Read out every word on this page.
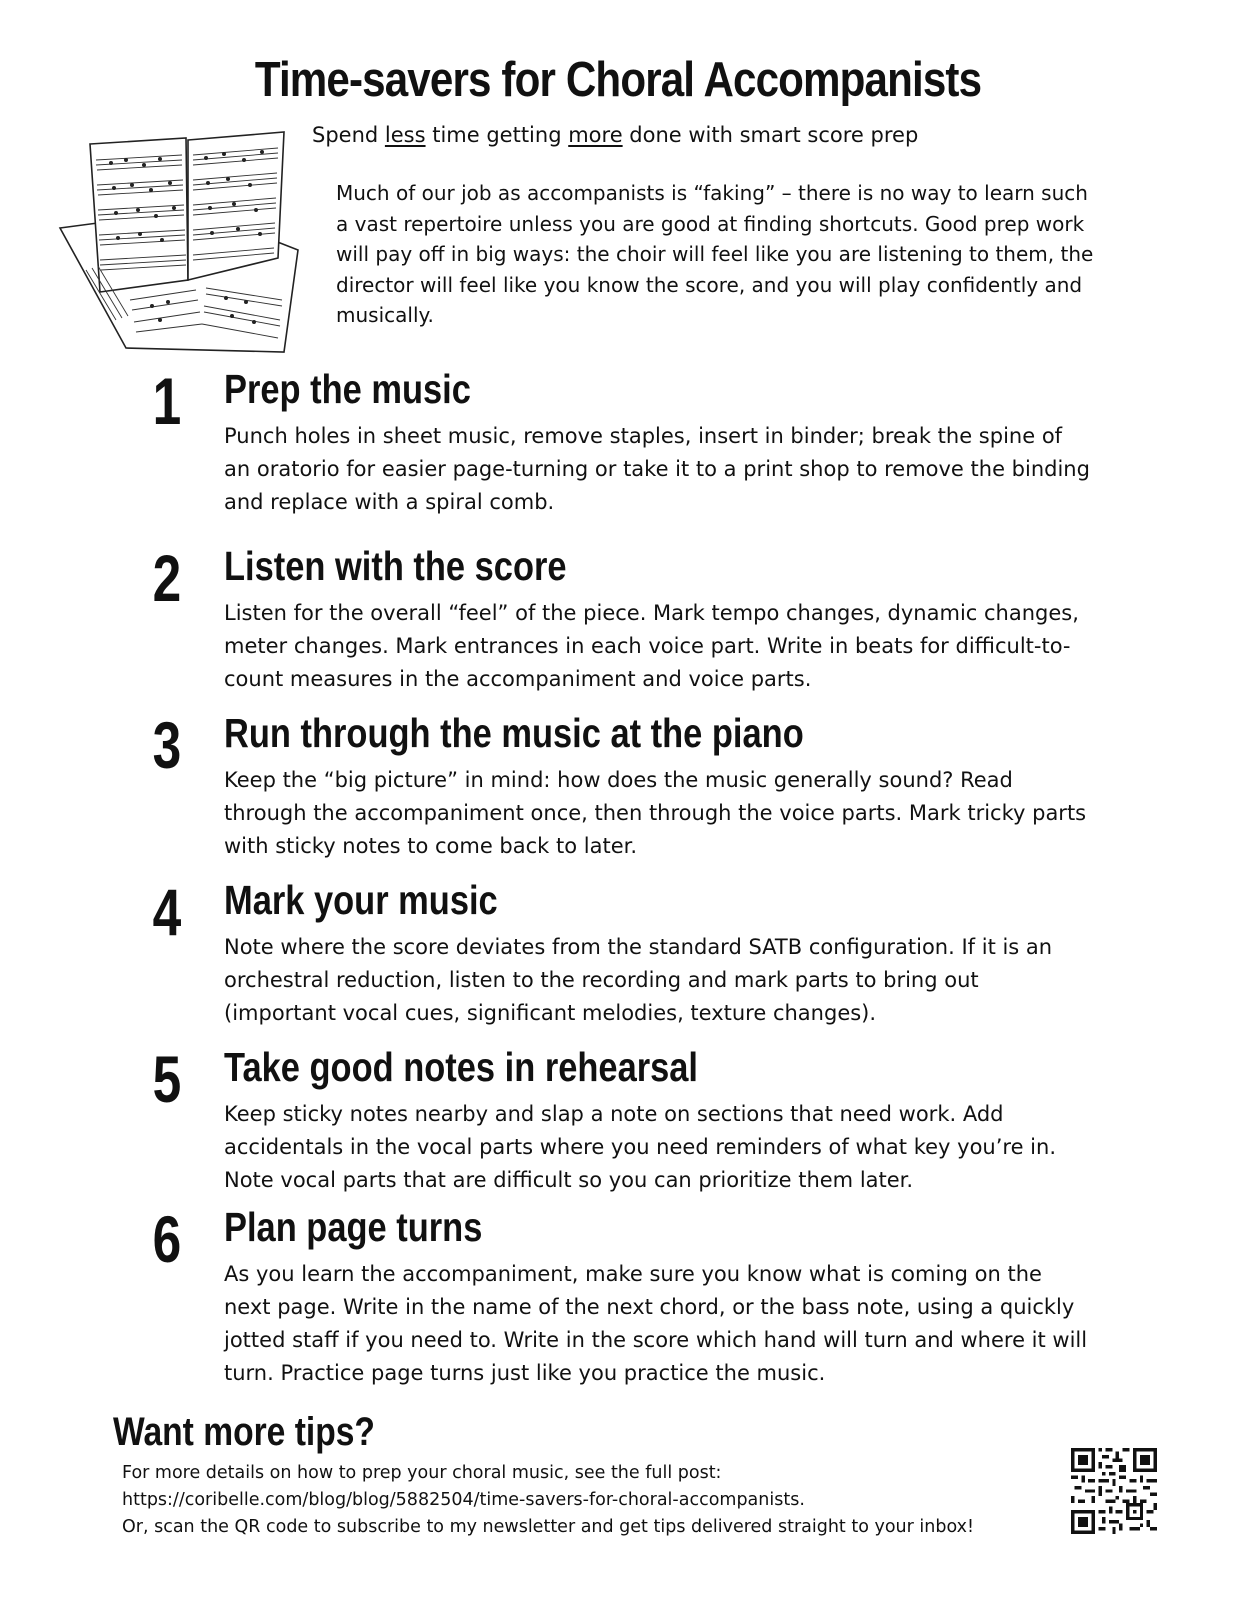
Time-savers for Choral Accompanists

Spend less time getting more done with smart score prep

Much of our job as accompanists is “faking” – there is no way to learn such a vast repertoire unless you are good at finding shortcuts. Good prep work will pay off in big ways: the choir will feel like you are listening to them, the director will feel like you know the score, and you will play confidently and musically.

1 Prep the music

Punch holes in sheet music, remove staples, insert in binder; break the spine of an oratorio for easier page-turning or take it to a print shop to remove the binding and replace with a spiral comb.

2 Listen with the score

Listen for the overall “feel” of the piece. Mark tempo changes, dynamic changes, meter changes. Mark entrances in each voice part. Write in beats for difficult-to-count measures in the accompaniment and voice parts.

3 Run through the music at the piano

Keep the “big picture” in mind: how does the music generally sound? Read through the accompaniment once, then through the voice parts. Mark tricky parts with sticky notes to come back to later.

4 Mark your music

Note where the score deviates from the standard SATB configuration. If it is an orchestral reduction, listen to the recording and mark parts to bring out (important vocal cues, significant melodies, texture changes).

5 Take good notes in rehearsal

Keep sticky notes nearby and slap a note on sections that need work. Add accidentals in the vocal parts where you need reminders of what key you’re in. Note vocal parts that are difficult so you can prioritize them later.

6 Plan page turns

As you learn the accompaniment, make sure you know what is coming on the next page. Write in the name of the next chord, or the bass note, using a quickly jotted staff if you need to. Write in the score which hand will turn and where it will turn. Practice page turns just like you practice the music.

Want more tips?

For more details on how to prep your choral music, see the full post:
https://coribelle.com/blog/blog/5882504/time-savers-for-choral-accompanists.
Or, scan the QR code to subscribe to my newsletter and get tips delivered straight to your inbox!
